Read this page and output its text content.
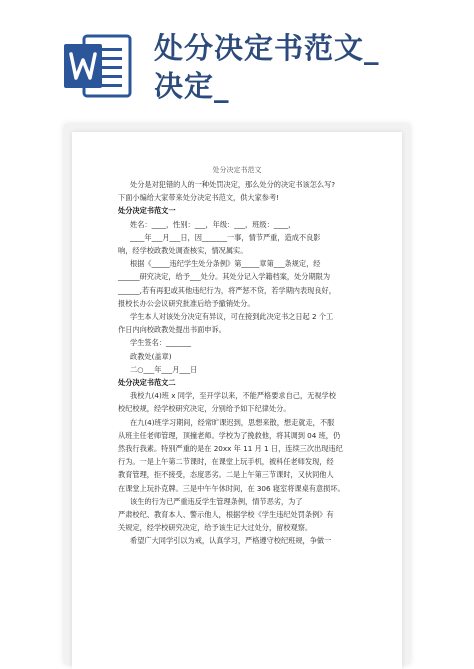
处分决定书范文_
决定_
处分决定书范文
处分是对犯错的人的一种处罚决定，那么处分的决定书该怎么写?
下面小编给大家带来处分决定书范文，供大家参考!
处分决定书范文一
姓名：____，性别：___，年级：___，班级：____，
____年___月___日，因_______一事，情节严重，造成不良影
响，经学校政教处调查核实，情况属实。
根据《_____违纪学生处分条例》第_____章第___条规定，经
______研究决定，给予___处分。其处分记入学籍档案，处分期限为
______,若有再犯或其他违纪行为，将严惩不贷，若学期内表现良好，
报校长办公会议研究批准后给予撤销处分。
学生本人对该处分决定有异议，可在接到此决定书之日起 2 个工
作日内向校政教处提出书面申诉。
学生签名：_______
政教处(盖章)
二○___年___月___日
处分决定书范文二
我校九(4)班 x 同学，至开学以来，不能严格要求自己，无视学校
校纪校规，经学校研究决定，分别给予如下纪律处分。
在九(4)班学习期间，经常旷课迟到，思想来散，想走就走，不服
从班主任老师管理，顶撞老师。学校为了挽救他，将其调到 04 班，仍
然我行我素。特别严重的是在 20xx 年 11 月 1 日，连续三次出现违纪
行为。一是上午第二节课时，在课堂上玩手机，被科任老师发现，经
教育管理，拒不接受，态度恶劣。二是上午第三节课时，又伙同他人
在课堂上玩扑克牌。三是中午午休时间，在 306 寝室将课桌有意损坏。
该生的行为已严重违反学生管理条例，情节恶劣，为了
严肃校纪、教育本人、警示他人，根据学校《学生违纪处罚条例》有
关规定，经学校研究决定，给予该生记大过处分，留校观察。
希望广大同学引以为戒，认真学习，严格遵守校纪班规，争做一
